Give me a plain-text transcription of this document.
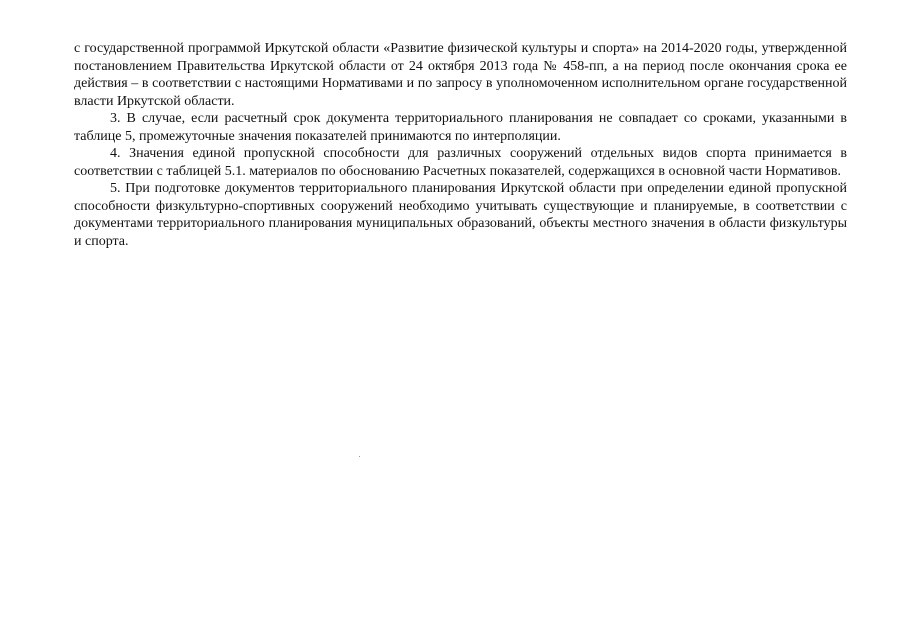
с государственной программой Иркутской области «Развитие физической культуры и спорта» на 2014-2020 годы, утвержденной постановлением Правительства Иркутской области от 24 октября 2013 года № 458-пп, а на период после окончания срока ее действия – в соответствии с настоящими Нормативами и по запросу в уполномоченном исполнительном органе государственной власти Иркутской области.

3. В случае, если расчетный срок документа территориального планирования не совпадает со сроками, указанными в таблице 5, промежуточные значения показателей принимаются по интерполяции.

4. Значения единой пропускной способности для различных сооружений отдельных видов спорта принимается в соответствии с таблицей 5.1. материалов по обоснованию Расчетных показателей, содержащихся в основной части Нормативов.

5. При подготовке документов территориального планирования Иркутской области при определении единой пропускной способности физкультурно-спортивных сооружений необходимо учитывать существующие и планируемые, в соответствии с документами территориального планирования муниципальных образований, объекты местного значения в области физкультуры и спорта.
